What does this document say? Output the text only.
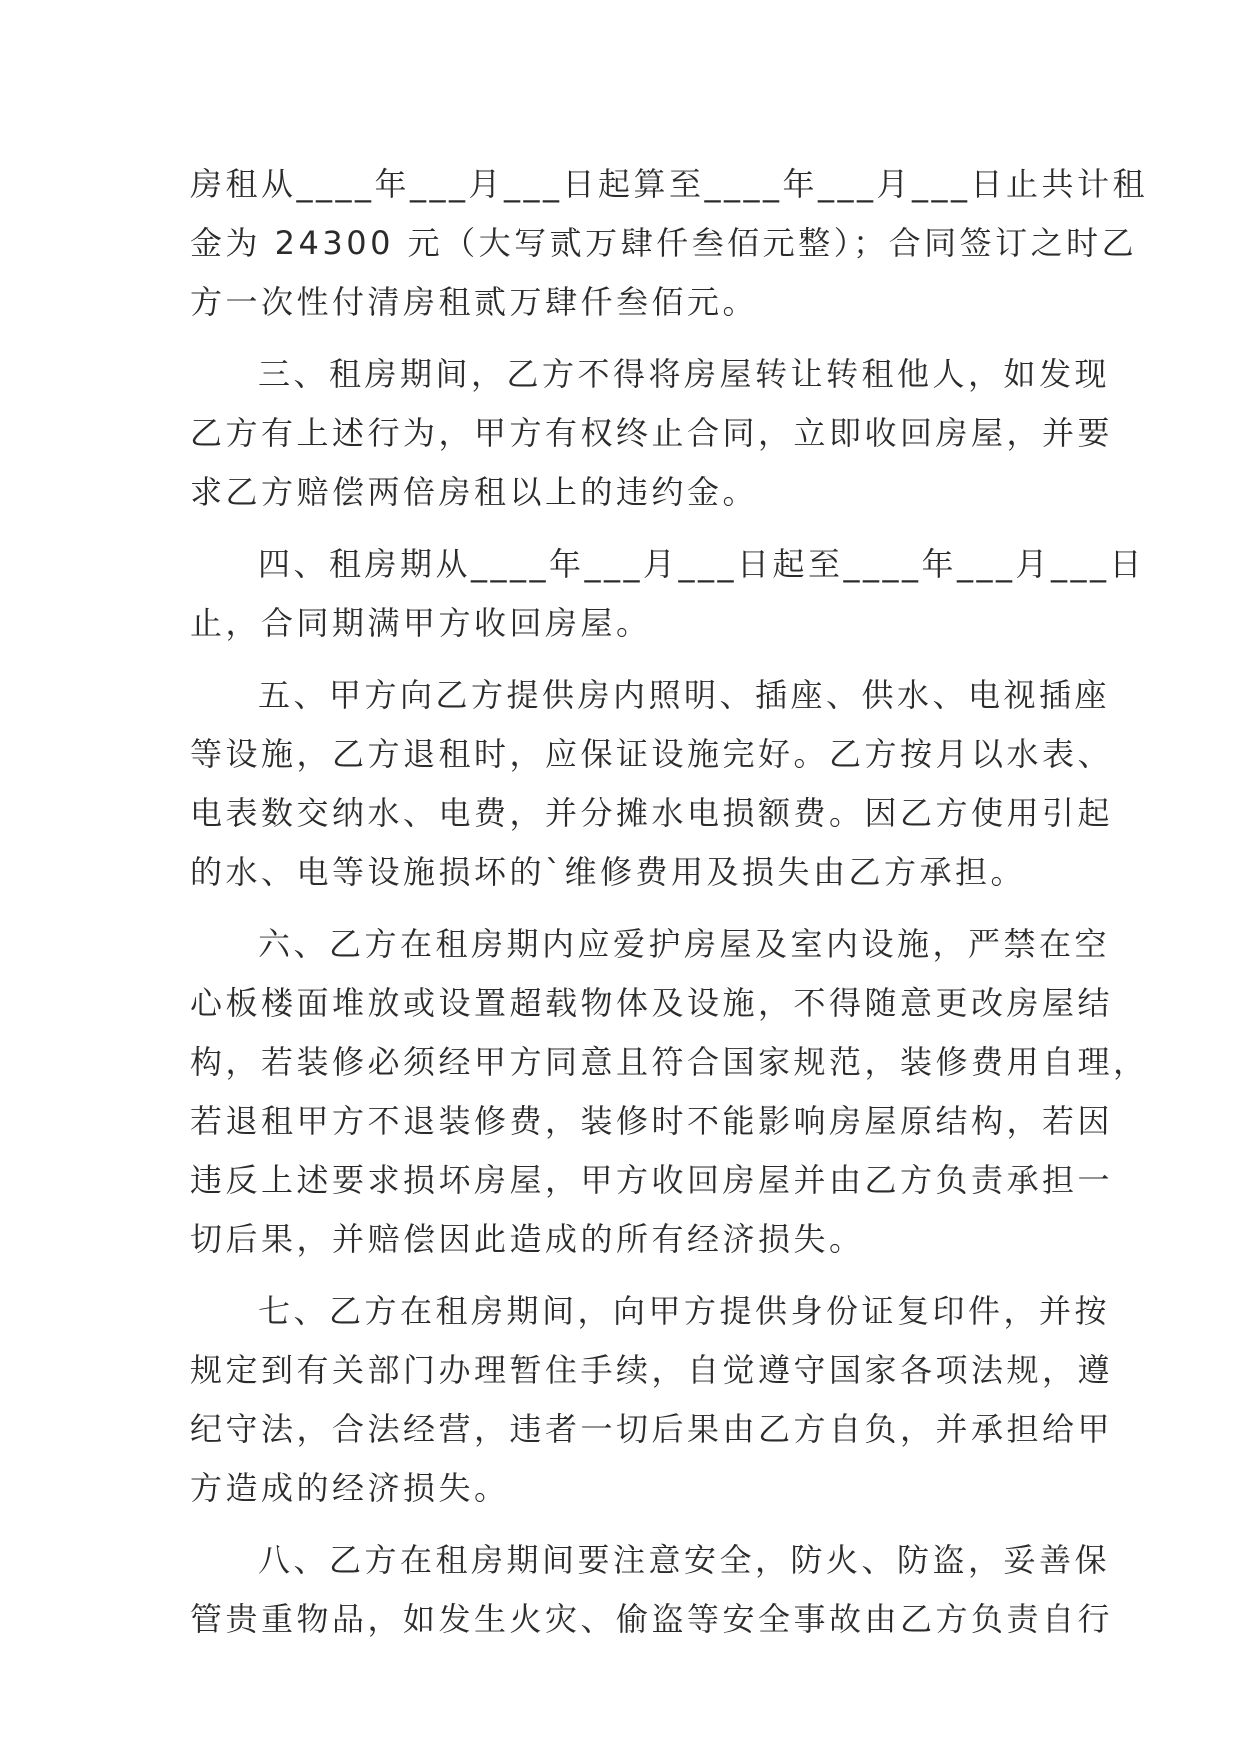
房租从____年___月___日起算至____年___月___日止共计租
金为 24300 元（大写贰万肆仟叁佰元整）；合同签订之时乙
方一次性付清房租贰万肆仟叁佰元。
三、租房期间，乙方不得将房屋转让转租他人，如发现
乙方有上述行为，甲方有权终止合同，立即收回房屋，并要
求乙方赔偿两倍房租以上的违约金。
四、租房期从____年___月___日起至____年___月___日
止，合同期满甲方收回房屋。
五、甲方向乙方提供房内照明、插座、供水、电视插座
等设施，乙方退租时，应保证设施完好。乙方按月以水表、
电表数交纳水、电费，并分摊水电损额费。因乙方使用引起
的水、电等设施损坏的`维修费用及损失由乙方承担。
六、乙方在租房期内应爱护房屋及室内设施，严禁在空
心板楼面堆放或设置超载物体及设施，不得随意更改房屋结
构，若装修必须经甲方同意且符合国家规范，装修费用自理，
若退租甲方不退装修费，装修时不能影响房屋原结构，若因
违反上述要求损坏房屋，甲方收回房屋并由乙方负责承担一
切后果，并赔偿因此造成的所有经济损失。
七、乙方在租房期间，向甲方提供身份证复印件，并按
规定到有关部门办理暂住手续，自觉遵守国家各项法规，遵
纪守法，合法经营，违者一切后果由乙方自负，并承担给甲
方造成的经济损失。
八、乙方在租房期间要注意安全，防火、防盗，妥善保
管贵重物品，如发生火灾、偷盗等安全事故由乙方负责自行
